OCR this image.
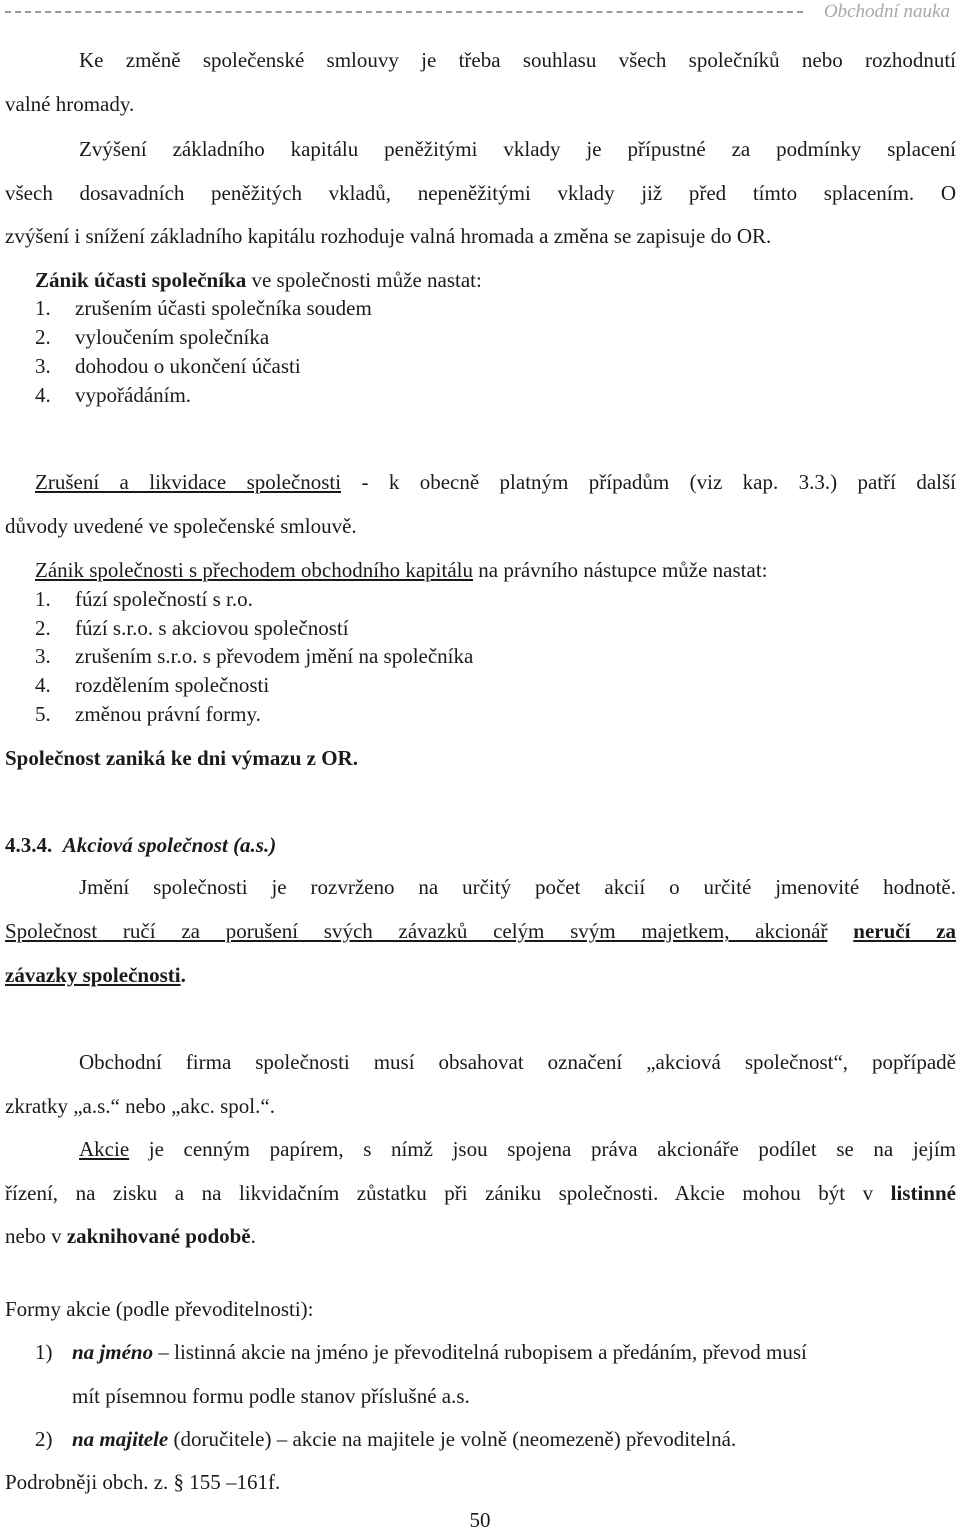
Obchodní nauka
Ke změně společenské smlouvy je třeba souhlasu všech společníků nebo rozhodnutí
valné hromady.
Zvýšení základního kapitálu peněžitými vklady je přípustné za podmínky splacení
všech dosavadních peněžitých vkladů, nepeněžitými vklady již před tímto splacením. O
zvýšení i snížení základního kapitálu rozhoduje valná hromada a změna se zapisuje do OR.
Zánik účasti společníka ve společnosti může nastat:
1. zrušením účasti společníka soudem
2. vyloučením společníka
3. dohodou o ukončení účasti
4. vypořádáním.
Zrušení a likvidace společnosti - k obecně platným případům (viz kap. 3.3.) patří další
důvody uvedené ve společenské smlouvě.
Zánik společnosti s přechodem obchodního kapitálu na právního nástupce může nastat:
1. fúzí společností s r.o.
2. fúzí s.r.o. s akciovou společností
3. zrušením s.r.o. s převodem jmění na společníka
4. rozdělením společnosti
5. změnou právní formy.
Společnost zaniká ke dni výmazu z OR.
4.3.4. Akciová společnost (a.s.)
Jmění společnosti je rozvrženo na určitý počet akcií o určité jmenovité hodnotě.
Společnost ručí za porušení svých závazků celým svým majetkem, akcionář neručí za
závazky společnosti.
Obchodní firma společnosti musí obsahovat označení „akciová společnost“, popřípadě
zkratky „a.s.“ nebo „akc. spol.“.
Akcie je cenným papírem, s nímž jsou spojena práva akcionáře podílet se na jejím
řízení, na zisku a na likvidačním zůstatku při zániku společnosti. Akcie mohou být v listinné
nebo v zaknihované podobě.
Formy akcie (podle převoditelnosti):
1) na jméno – listinná akcie na jméno je převoditelná rubopisem a předáním, převod musí
mít písemnou formu podle stanov příslušné a.s.
2) na majitele (doručitele) – akcie na majitele je volně (neomezeně) převoditelná.
Podrobněji obch. z. § 155 –161f.
50
